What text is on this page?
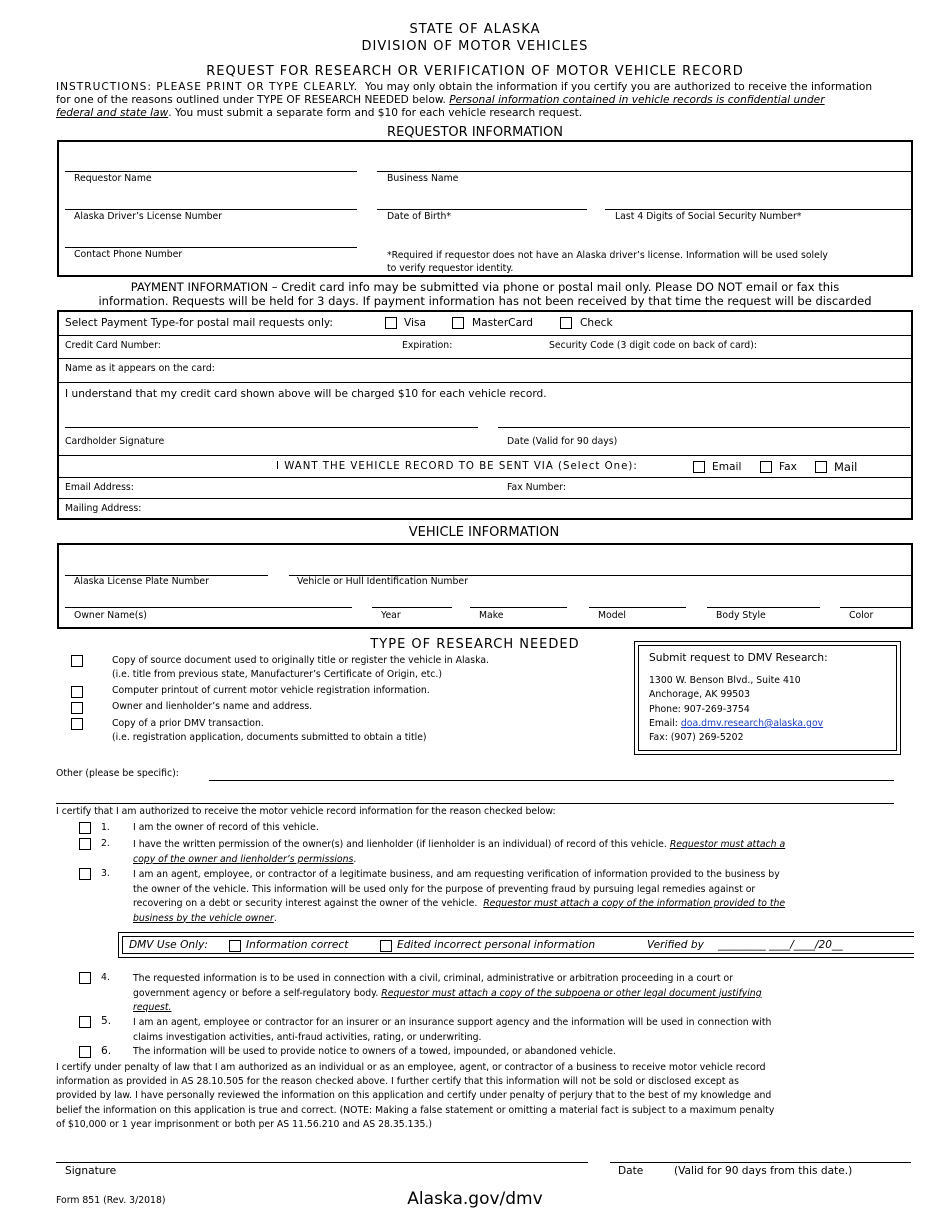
STATE OF ALASKA
DIVISION OF MOTOR VEHICLES
REQUEST FOR RESEARCH OR VERIFICATION OF MOTOR VEHICLE RECORD
INSTRUCTIONS: PLEASE PRINT OR TYPE CLEARLY. You may only obtain the information if you certify you are authorized to receive the information
for one of the reasons outlined under TYPE OF RESEARCH NEEDED below. Personal information contained in vehicle records is confidential under
federal and state law. You must submit a separate form and $10 for each vehicle research request.
REQUESTOR INFORMATION
Requestor Name	Business Name
Alaska Driver’s License Number	Date of Birth*	Last 4 Digits of Social Security Number*
Contact Phone Number	*Required if requestor does not have an Alaska driver’s license. Information will be used solely
to verify requestor identity.
PAYMENT INFORMATION – Credit card info may be submitted via phone or postal mail only. Please DO NOT email or fax this
information. Requests will be held for 3 days. If payment information has not been received by that time the request will be discarded
Select Payment Type-for postal mail requests only:	Visa	MasterCard	Check
Credit Card Number:	Expiration:	Security Code (3 digit code on back of card):
Name as it appears on the card:
I understand that my credit card shown above will be charged $10 for each vehicle record.
Cardholder Signature	Date (Valid for 90 days)
I WANT THE VEHICLE RECORD TO BE SENT VIA (Select One):	Email	Fax	Mail
Email Address:	Fax Number:
Mailing Address:
VEHICLE INFORMATION
Alaska License Plate Number	Vehicle or Hull Identification Number
Owner Name(s)	Year	Make	Model	Body Style	Color
TYPE OF RESEARCH NEEDED
Copy of source document used to originally title or register the vehicle in Alaska.
(i.e. title from previous state, Manufacturer’s Certificate of Origin, etc.)
Computer printout of current motor vehicle registration information.
Owner and lienholder’s name and address.
Copy of a prior DMV transaction.
(i.e. registration application, documents submitted to obtain a title)
Submit request to DMV Research:
1300 W. Benson Blvd., Suite 410
Anchorage, AK 99503
Phone: 907-269-3754
Email: doa.dmv.research@alaska.gov
Fax: (907) 269-5202
Other (please be specific):
I certify that I am authorized to receive the motor vehicle record information for the reason checked below:
1. I am the owner of record of this vehicle.
2. I have the written permission of the owner(s) and lienholder (if lienholder is an individual) of record of this vehicle. Requestor must attach a
copy of the owner and lienholder’s permissions.
3. I am an agent, employee, or contractor of a legitimate business, and am requesting verification of information provided to the business by
the owner of the vehicle. This information will be used only for the purpose of preventing fraud by pursuing legal remedies against or
recovering on a debt or security interest against the owner of the vehicle. Requestor must attach a copy of the information provided to the
business by the vehicle owner.
DMV Use Only:	Information correct	Edited incorrect personal information	Verified by _________ ____/____/20__
4. The requested information is to be used in connection with a civil, criminal, administrative or arbitration proceeding in a court or
government agency or before a self-regulatory body. Requestor must attach a copy of the subpoena or other legal document justifying
request.
5. I am an agent, employee or contractor for an insurer or an insurance support agency and the information will be used in connection with
claims investigation activities, anti-fraud activities, rating, or underwriting.
6. The information will be used to provide notice to owners of a towed, impounded, or abandoned vehicle.
I certify under penalty of law that I am authorized as an individual or as an employee, agent, or contractor of a business to receive motor vehicle record
information as provided in AS 28.10.505 for the reason checked above. I further certify that this information will not be sold or disclosed except as
provided by law. I have personally reviewed the information on this application and certify under penalty of perjury that to the best of my knowledge and
belief the information on this application is true and correct. (NOTE: Making a false statement or omitting a material fact is subject to a maximum penalty
of $10,000 or 1 year imprisonment or both per AS 11.56.210 and AS 28.35.135.)
Signature	Date	(Valid for 90 days from this date.)
Form 851 (Rev. 3/2018)	Alaska.gov/dmv
